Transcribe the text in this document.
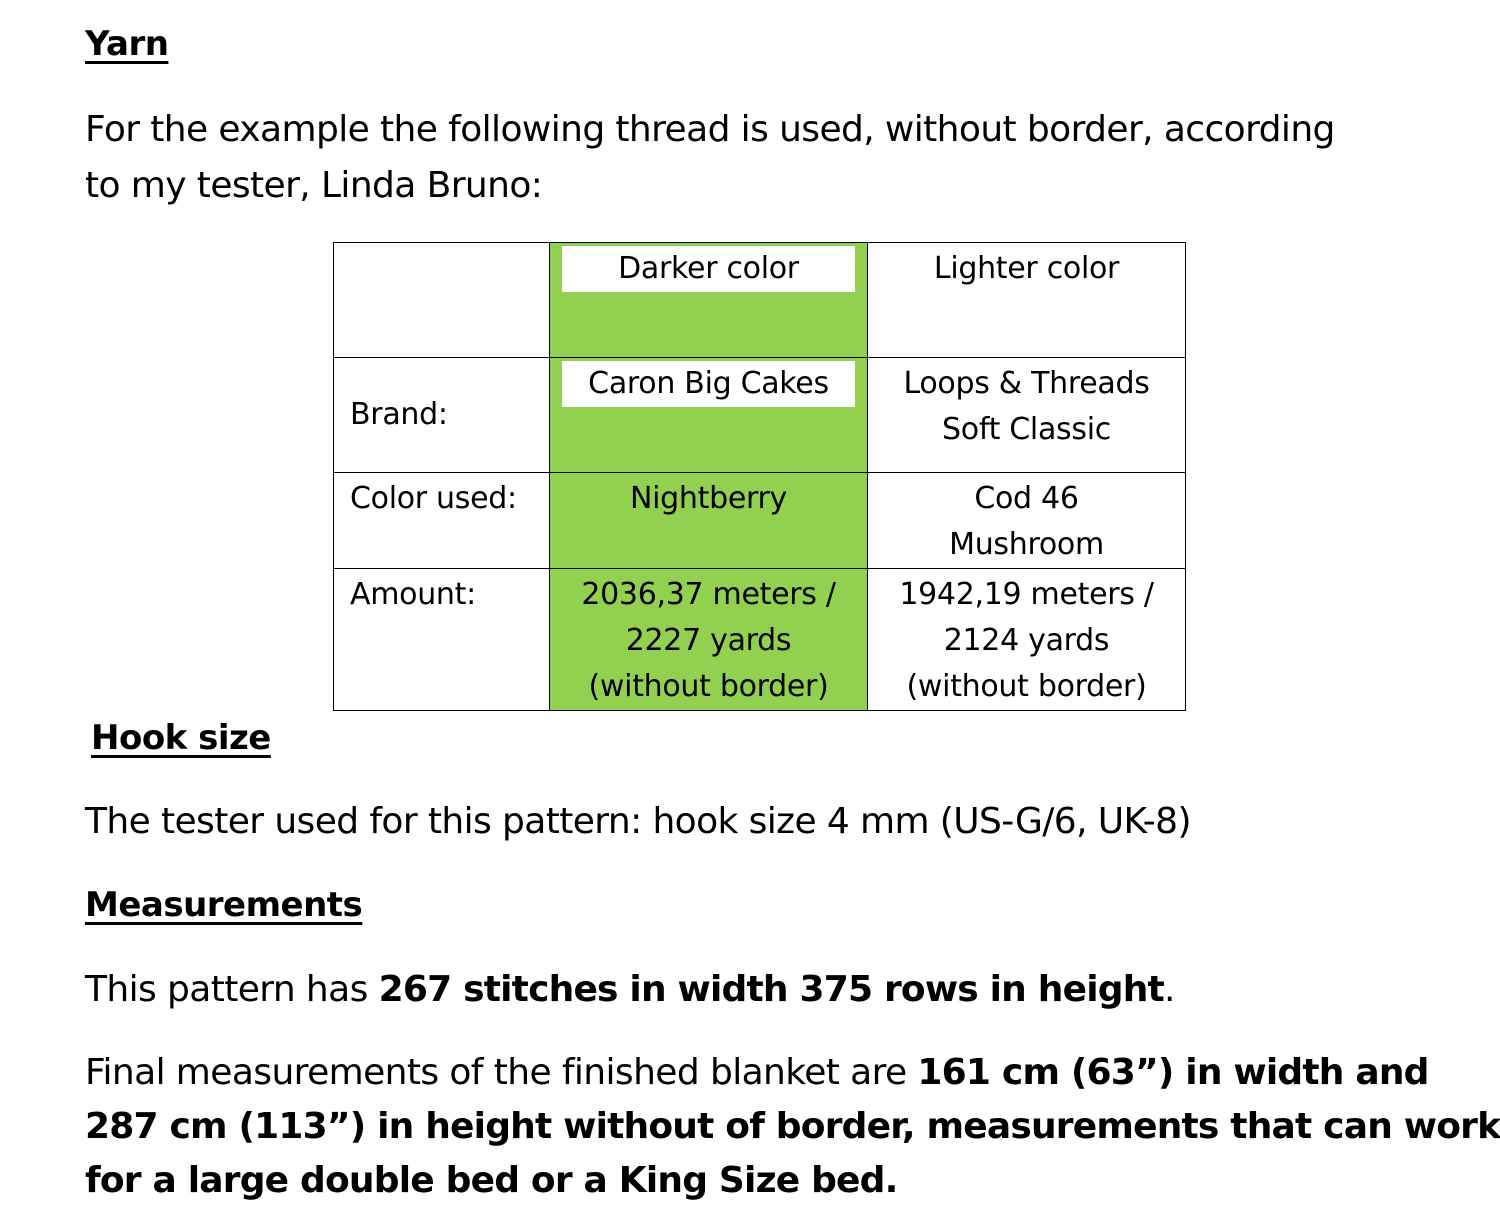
Yarn
For the example the following thread is used, without border, according
to my tester, Linda Bruno:

	Darker color	Lighter color

Brand:	Caron Big Cakes	Loops & Threads
Soft Classic

Color used:	Nightberry	Cod 46
Mushroom

Amount:	2036,37 meters /
2227 yards
(without border)	1942,19 meters /
2124 yards
(without border)
Hook size
The tester used for this pattern: hook size 4 mm (US-G/6, UK-8)
Measurements
This pattern has 267 stitches in width 375 rows in height.
Final measurements of the finished blanket are 161 cm (63”) in width and
287 cm (113”) in height without of border, measurements that can work
for a large double bed or a King Size bed.
